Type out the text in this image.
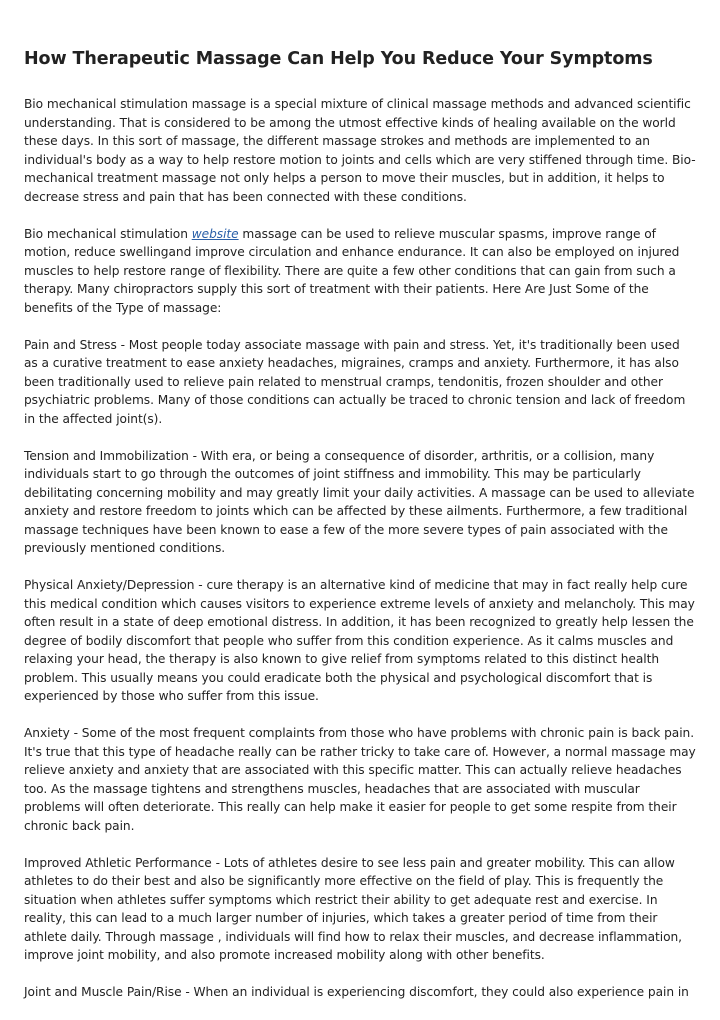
How Therapeutic Massage Can Help You Reduce Your Symptoms

Bio mechanical stimulation massage is a special mixture of clinical massage methods and advanced scientific understanding. That is considered to be among the utmost effective kinds of healing available on the world these days. In this sort of massage, the different massage strokes and methods are implemented to an individual's body as a way to help restore motion to joints and cells which are very stiffened through time. Bio-mechanical treatment massage not only helps a person to move their muscles, but in addition, it helps to decrease stress and pain that has been connected with these conditions.

Bio mechanical stimulation website massage can be used to relieve muscular spasms, improve range of motion, reduce swellingand improve circulation and enhance endurance. It can also be employed on injured muscles to help restore range of flexibility. There are quite a few other conditions that can gain from such a therapy. Many chiropractors supply this sort of treatment with their patients. Here Are Just Some of the benefits of the Type of massage:

Pain and Stress - Most people today associate massage with pain and stress. Yet, it's traditionally been used as a curative treatment to ease anxiety headaches, migraines, cramps and anxiety. Furthermore, it has also been traditionally used to relieve pain related to menstrual cramps, tendonitis, frozen shoulder and other psychiatric problems. Many of those conditions can actually be traced to chronic tension and lack of freedom in the affected joint(s).

Tension and Immobilization - With era, or being a consequence of disorder, arthritis, or a collision, many individuals start to go through the outcomes of joint stiffness and immobility. This may be particularly debilitating concerning mobility and may greatly limit your daily activities. A massage can be used to alleviate anxiety and restore freedom to joints which can be affected by these ailments. Furthermore, a few traditional massage techniques have been known to ease a few of the more severe types of pain associated with the previously mentioned conditions.

Physical Anxiety/Depression - cure therapy is an alternative kind of medicine that may in fact really help cure this medical condition which causes visitors to experience extreme levels of anxiety and melancholy. This may often result in a state of deep emotional distress. In addition, it has been recognized to greatly help lessen the degree of bodily discomfort that people who suffer from this condition experience. As it calms muscles and relaxing your head, the therapy is also known to give relief from symptoms related to this distinct health problem. This usually means you could eradicate both the physical and psychological discomfort that is experienced by those who suffer from this issue.

Anxiety - Some of the most frequent complaints from those who have problems with chronic pain is back pain. It's true that this type of headache really can be rather tricky to take care of. However, a normal massage may relieve anxiety and anxiety that are associated with this specific matter. This can actually relieve headaches too. As the massage tightens and strengthens muscles, headaches that are associated with muscular problems will often deteriorate. This really can help make it easier for people to get some respite from their chronic back pain.

Improved Athletic Performance - Lots of athletes desire to see less pain and greater mobility. This can allow athletes to do their best and also be significantly more effective on the field of play. This is frequently the situation when athletes suffer symptoms which restrict their ability to get adequate rest and exercise. In reality, this can lead to a much larger number of injuries, which takes a greater period of time from their athlete daily. Through massage , individuals will find how to relax their muscles, and decrease inflammation, improve joint mobility, and also promote increased mobility along with other benefits.

Joint and Muscle Pain/Rise - When an individual is experiencing discomfort, they could also experience pain in
